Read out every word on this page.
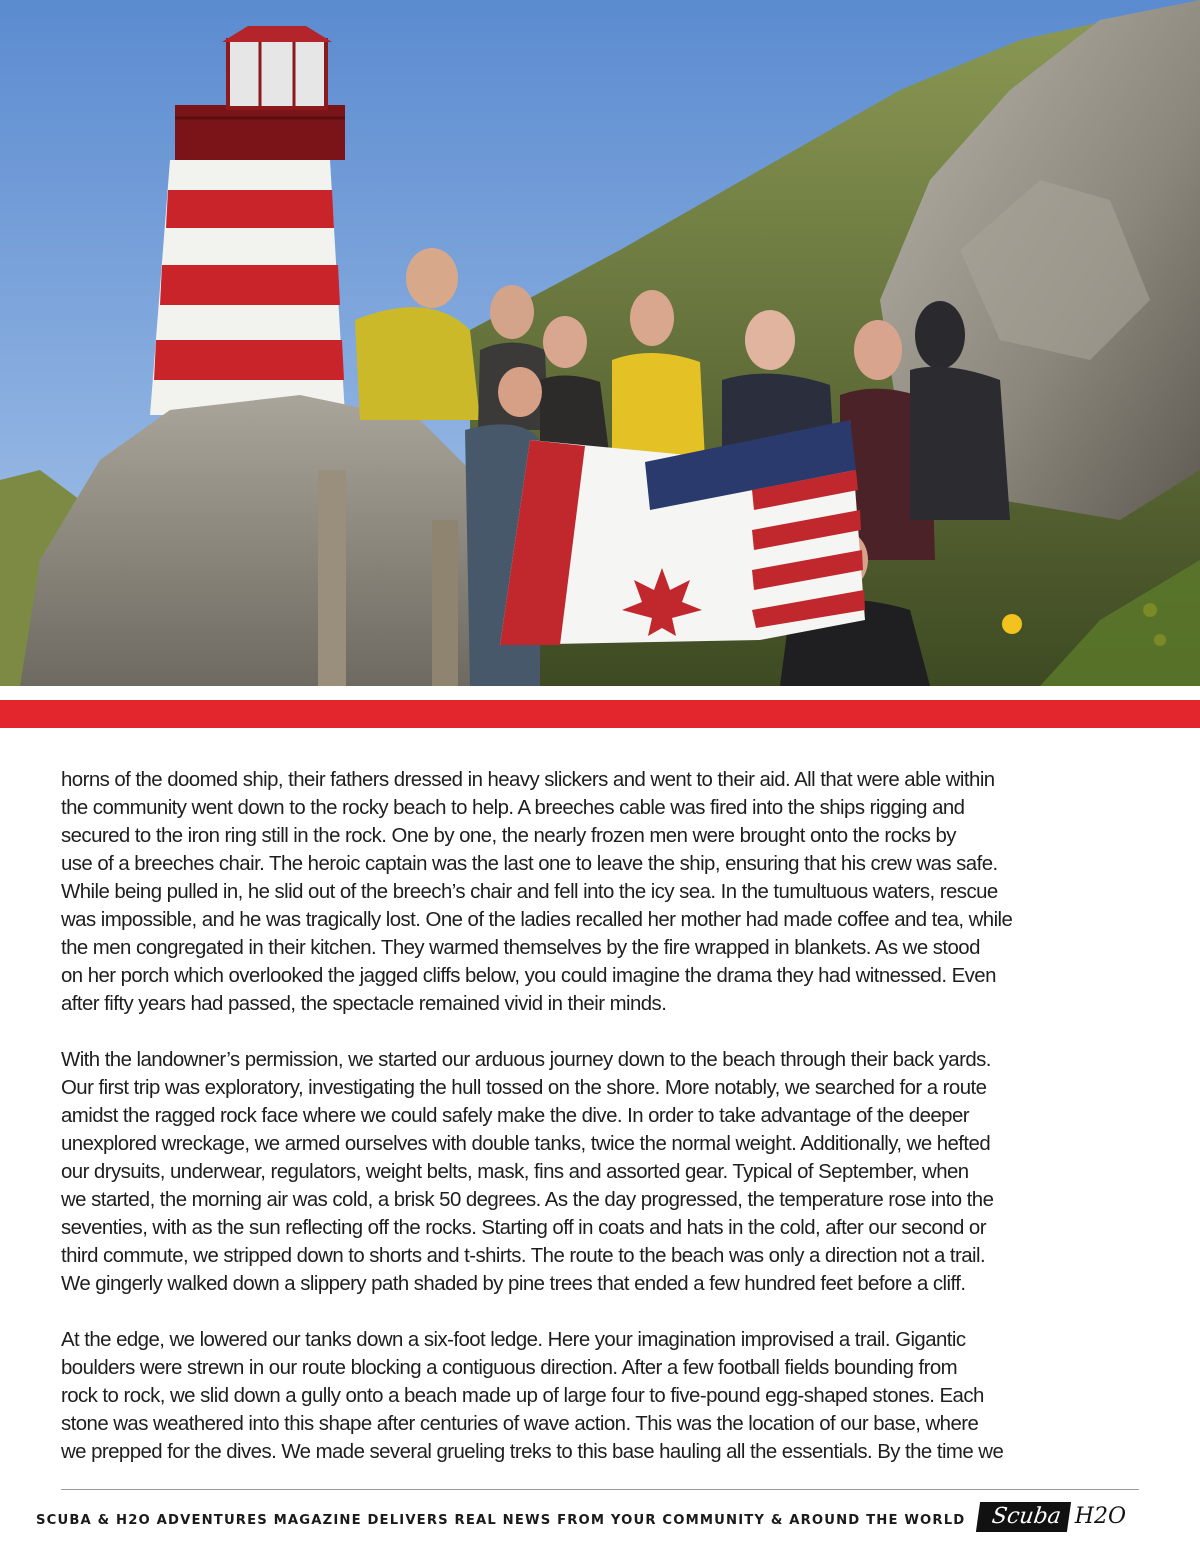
horns of the doomed ship, their fathers dressed in heavy slickers and went to their aid. All that were able within
the community went down to the rocky beach to help. A breeches cable was fired into the ships rigging and
secured to the iron ring still in the rock. One by one, the nearly frozen men were brought onto the rocks by
use of a breeches chair. The heroic captain was the last one to leave the ship, ensuring that his crew was safe.
While being pulled in, he slid out of the breech’s chair and fell into the icy sea. In the tumultuous waters, rescue
was impossible, and he was tragically lost. One of the ladies recalled her mother had made coffee and tea, while
the men congregated in their kitchen. They warmed themselves by the fire wrapped in blankets. As we stood
on her porch which overlooked the jagged cliffs below, you could imagine the drama they had witnessed. Even
after fifty years had passed, the spectacle remained vivid in their minds.

With the landowner’s permission, we started our arduous journey down to the beach through their back yards.
Our first trip was exploratory, investigating the hull tossed on the shore. More notably, we searched for a route
amidst the ragged rock face where we could safely make the dive. In order to take advantage of the deeper
unexplored wreckage, we armed ourselves with double tanks, twice the normal weight. Additionally, we hefted
our drysuits, underwear, regulators, weight belts, mask, fins and assorted gear. Typical of September, when
we started, the morning air was cold, a brisk 50 degrees. As the day progressed, the temperature rose into the
seventies, with as the sun reflecting off the rocks. Starting off in coats and hats in the cold, after our second or
third commute, we stripped down to shorts and t-shirts. The route to the beach was only a direction not a trail.
We gingerly walked down a slippery path shaded by pine trees that ended a few hundred feet before a cliff.

At the edge, we lowered our tanks down a six-foot ledge. Here your imagination improvised a trail. Gigantic
boulders were strewn in our route blocking a contiguous direction. After a few football fields bounding from
rock to rock, we slid down a gully onto a beach made up of large four to five-pound egg-shaped stones. Each
stone was weathered into this shape after centuries of wave action. This was the location of our base, where
we prepped for the dives. We made several grueling treks to this base hauling all the essentials. By the time we

SCUBA & H2O ADVENTURES MAGAZINE DELIVERS REAL NEWS FROM YOUR COMMUNITY & AROUND THE WORLD	Scuba H2O
